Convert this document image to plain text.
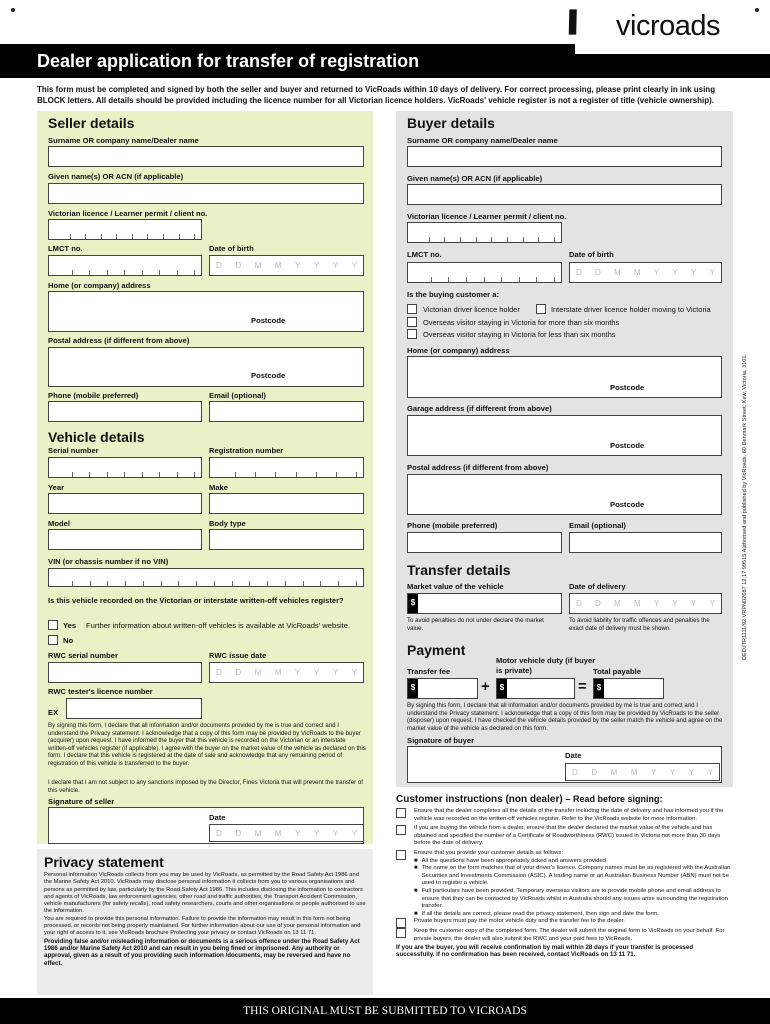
\\ vicroads
Dealer application for transfer of registration
This form must be completed and signed by both the seller and buyer and returned to VicRoads within 10 days of delivery. For correct processing, please print clearly in ink using BLOCK letters. All details should be provided including the licence number for all Victorian licence holders. VicRoads' vehicle register is not a register of title (vehicle ownership).
Seller details
Surname OR company name/Dealer name
Given name(s) OR ACN (if applicable)
Victorian licence / Learner permit / client no.
LMCT no.	Date of birth
D D M M Y Y Y Y
Home (or company) address
Postcode
Postal address (if different from above)
Postcode
Phone (mobile preferred)	Email (optional)
Vehicle details
Serial number	Registration number
Year	Make
Model	Body type
VIN (or chassis number if no VIN)
Is this vehicle recorded on the Victorian or interstate written-off vehicles register?
Yes Further information about written-off vehicles is available at VicRoads' website.
No
RWC serial number	RWC issue date
D D M M Y Y Y Y
RWC tester's licence number
EX
By signing this form, I declare that all information and/or documents provided by me is true and correct and I understand the Privacy statement. I acknowledge that a copy of this form may be provided by VicRoads to the buyer (acquirer) upon request. I have informed the buyer that this vehicle is recorded on the Victorian or an interstate written-off vehicles register (if applicable). I agree with the buyer on the market value of the vehicle as declared on this form. I declare that this vehicle is registered at the date of sale and acknowledge that any remaining period of registration of this vehicle is transferred to the buyer.
I declare that I am not subject to any sanctions imposed by the Director, Fines Victoria that will prevent the transfer of this vehicle.
Signature of seller
Date
D D M M Y Y Y Y
Privacy statement
Personal information VicRoads collects from you may be used by VicRoads, as permitted by the Road Safety Act 1986 and the Marine Safety Act 2010. VicRoads may disclose personal information it collects from you to various organisations and persons as permitted by law, particularly by the Road Safety Act 1986. This includes disclosing the information to contractors and agents of VicRoads, law enforcement agencies, other road and traffic authorities, the Transport Accident Commission, vehicle manufacturers (for safety recalls), road safety researchers, courts and other organisations or people authorised to use the information.
You are required to provide this personal information. Failure to provide the information may result in this form not being processed, or records not being properly maintained. For further information about our use of your personal information and your right of access to it, see VicRoads brochure Protecting your privacy or contact VicRoads on 13 11 71.
Providing false and/or misleading information or documents is a serious offence under the Road Safety Act 1986 and/or Marine Safety Act 2010 and can result in you being fined or imprisoned. Any authority or approval, given as a result of you providing such information /documents, may be reversed and have no effect.
Buyer details
Surname OR company name/Dealer name
Given name(s) OR ACN (if applicable)
Victorian licence / Learner permit / client no.
LMCT no.	Date of birth
D D M M Y Y Y Y
Is the buying customer a:
Victorian driver licence holder	Interstate driver licence holder moving to Victoria
Overseas visitor staying in Victoria for more than six months
Overseas visitor staying in Victoria for less than six months
Home (or company) address
Postcode
Garage address (if different from above)
Postcode
Postal address (if different from above)
Postcode
Phone (mobile preferred)	Email (optional)
Transfer details
Market value of the vehicle	Date of delivery
$	D D M M Y Y Y Y
To avoid penalties do not under declare the market value.
To avoid liability for traffic offences and penalties the exact date of delivery must be shown.
Payment
Transfer fee
Motor vehicle duty (if buyer is private)	Total payable
$	+	$	=	$
By signing this form, I declare that all information and/or documents provided by me is true and correct and I understand the Privacy statement. I acknowledge that a copy of this form may be provided by VicRoads to the seller (disposer) upon request. I have checked the vehicle details provided by the seller match the vehicle and agree on the market value of the vehicle as declared on this form.
Signature of buyer
Date
D D M M Y Y Y Y
Customer instructions (non dealer) – Read before signing:
Ensure that the dealer completes all the details of the transfer including the date of delivery and has informed you if the vehicle was recorded on the written-off vehicles register. Refer to the VicRoads website for more information.
If you are buying the vehicle from a dealer, ensure that the dealer declared the market value of the vehicle and has obtained and specified the number of a Certificate of Roadworthiness (RWC) issued in Victoria not more than 30 days before the date of delivery.
Ensure that you provide your customer details as follows:
■ All the questions have been appropriately ticked and answers provided.
■ The name on the form matches that of your driver's licence. Company names must be as registered with the Australian Securities and Investments Commission (ASIC). A trading name or an Australian Business Number (ABN) must not be used to register a vehicle.
■ Full particulars have been provided. Temporary overseas visitors are to provide mobile phone and email address to ensure that they can be contacted by VicRoads whilst in Australia should any issues arise surrounding the registration transfer.
■ If all the details are correct, please read the privacy statement, then sign and date the form.
Private buyers must pay the motor vehicle duty and the transfer fee to the dealer.
Keep the customer copy of the completed form. The dealer will submit the original form to VicRoads on your behalf. For private buyers, the dealer will also submit the RWC and your paid fees to VicRoads.
If you are the buyer, you will receive confirmation by mail within 28 days if your transfer is processed successfully. If no confirmation has been received, contact VicRoads on 13 11 71.
DEDJTR1111/92 VRPN02687 12.17 99515 Authorised and published by VicRoads, 60 Denmark Street, Kew, Victoria, 3101.
THIS ORIGINAL MUST BE SUBMITTED TO VICROADS
